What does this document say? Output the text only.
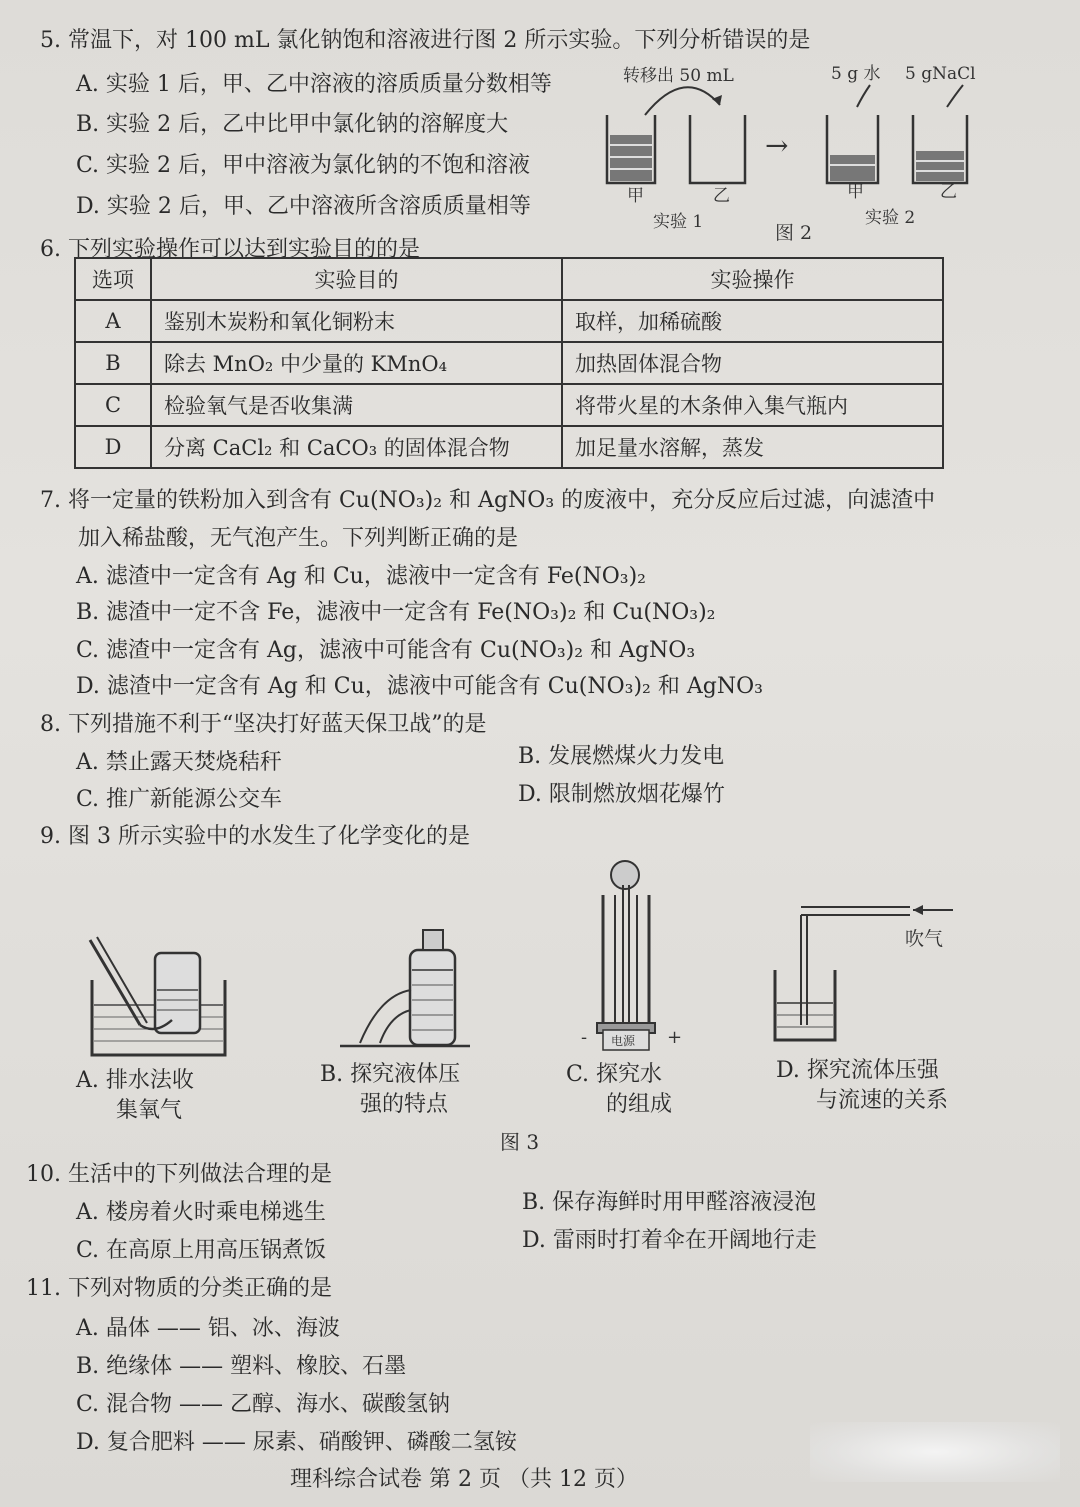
5. 常温下，对 100 mL 氯化钠饱和溶液进行图 2 所示实验。下列分析错误的是
A. 实验 1 后，甲、乙中溶液的溶质质量分数相等
B. 实验 2 后，乙中比甲中氯化钠的溶解度大
C. 实验 2 后，甲中溶液为氯化钠的不饱和溶液
D. 实验 2 后，甲、乙中溶液所含溶质质量相等
转移出 50 mL	5 g 水 5 gNaCl
→
甲	乙	甲	乙
实验 1	实验 2
图 2
6. 下列实验操作可以达到实验目的的是
选项	实验目的	实验操作
A	鉴别木炭粉和氧化铜粉末	取样，加稀硫酸
B	除去 MnO₂ 中少量的 KMnO₄	加热固体混合物
C	检验氧气是否收集满	将带火星的木条伸入集气瓶内
D	分离 CaCl₂ 和 CaCO₃ 的固体混合物	加足量水溶解，蒸发
7. 将一定量的铁粉加入到含有 Cu(NO₃)₂ 和 AgNO₃ 的废液中，充分反应后过滤，向滤渣中
加入稀盐酸，无气泡产生。下列判断正确的是
A. 滤渣中一定含有 Ag 和 Cu，滤液中一定含有 Fe(NO₃)₂
B. 滤渣中一定不含 Fe，滤液中一定含有 Fe(NO₃)₂ 和 Cu(NO₃)₂
C. 滤渣中一定含有 Ag，滤液中可能含有 Cu(NO₃)₂ 和 AgNO₃
D. 滤渣中一定含有 Ag 和 Cu，滤液中可能含有 Cu(NO₃)₂ 和 AgNO₃
8. 下列措施不利于“坚决打好蓝天保卫战”的是
A. 禁止露天焚烧秸秆	B. 发展燃煤火力发电
C. 推广新能源公交车	D. 限制燃放烟花爆竹
9. 图 3 所示实验中的水发生了化学变化的是
A. 排水法收
集氧气
B. 探究液体压
强的特点
电源
-	+
C. 探究水
的组成
吹气
D. 探究流体压强
与流速的关系
图 3
10. 生活中的下列做法合理的是
A. 楼房着火时乘电梯逃生	B. 保存海鲜时用甲醛溶液浸泡
C. 在高原上用高压锅煮饭	D. 雷雨时打着伞在开阔地行走
11. 下列对物质的分类正确的是
A. 晶体 —— 铝、冰、海波
B. 绝缘体 —— 塑料、橡胶、石墨
C. 混合物 —— 乙醇、海水、碳酸氢钠
D. 复合肥料 —— 尿素、硝酸钾、磷酸二氢铵
理科综合试卷 第 2 页 （共 12 页）
